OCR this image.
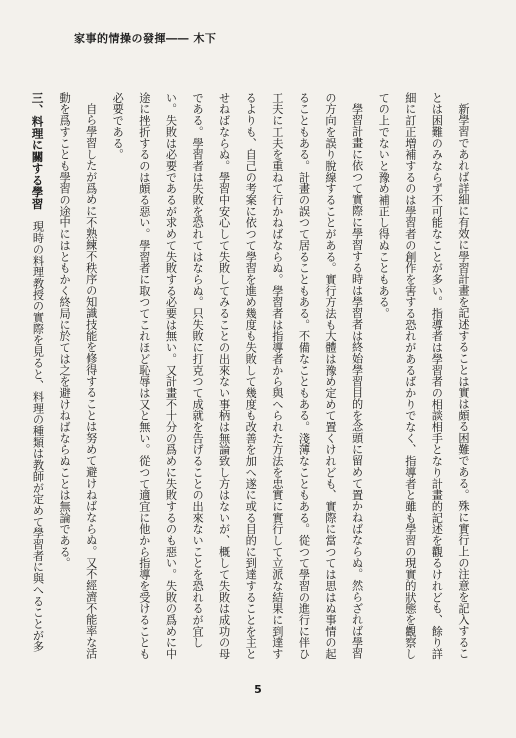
家事的情操の發揮―― 木下

新學習であれば詳細に有效に學習計畫を記述することは實は頗る困難である。殊に實行上の注意を記入することは困難のみならず不可能なことが多い。指導者は學習者の相談相手となり計畫的記述を觀るけれども、餘り詳細に訂正増補するのは學習者の創作を害する恐れがあるばかりでなく、指導者と雖も學習の現實的狀態を觀察しての上でないと豫め補正し得ぬこともある。

學習計畫に依つて實際に學習する時は學習者は終始學習目的を念頭に留めて置かねばならぬ。然らざれば學習の方向を誤り脫線することがある。實行方法も大體は豫め定めて置くけれども、實際に當つては思はぬ事情の起ることもある。計畫の誤つて居ることもある。不備なこともある。淺薄なこともある。從つて學習の進行に伴ひ工夫に工夫を重ねて行かねばならぬ。學習者は指導者から與へられた方法を忠實に實行して立派な結果に到達するよりも、自己の考案に依つて學習を進め幾度も失敗して幾度も改善を加へ遂に或る目的に到達することを主とせねばならぬ。學習中安心して失敗してみることの出來ない事柄は無論致し方はないが、概して失敗は成功の母である。學習者は失敗を恐れてはならぬ。只失敗に打克つて成就を告げることの出來ないことを恐れるが宜しい。失敗は必要であるが求めて失敗する必要は無い。又計畫不十分の爲めに失敗するのも惡い。失敗の爲めに中途に挫折するのは頗る惡い。學習者に取つてこれほど恥辱は又と無い。從つて適宜に他から指導を受けることも必要である。

自ら學習したが爲めに不熟練不秩序の知識技能を修得することは努めて避けねばならぬ。又不經濟不能率な活動を爲すことも學習の途中にはともかく終局に於ては之を避けねばならぬことは無論である。

三、料理に關する學習　現時の料理教授の實際を見ると、料理の種類は教師が定めて學習者に與へることが多

5
